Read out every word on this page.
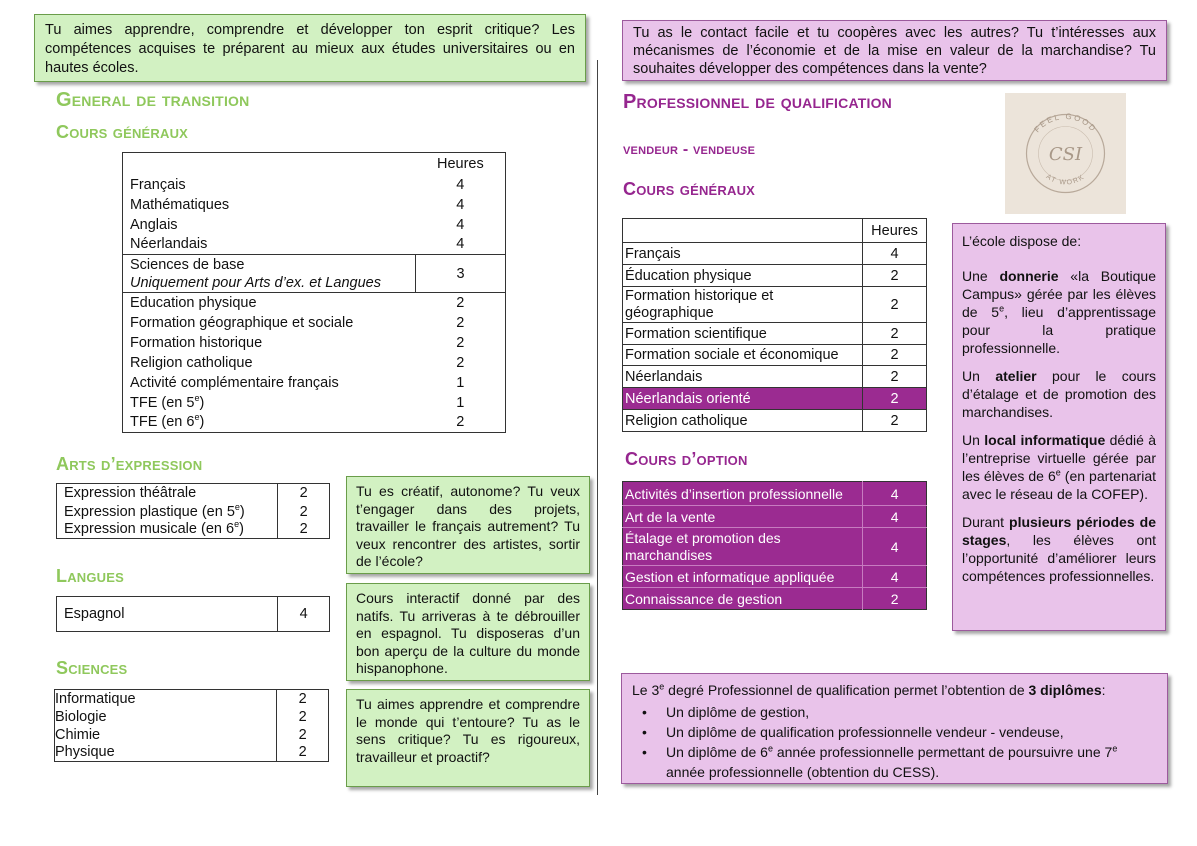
Tu aimes apprendre, comprendre et développer ton esprit critique? Les compétences acquises te préparent au mieux aux études universitaires ou en hautes écoles.
General de transition
Cours généraux
	Heures
Français	4
Mathématiques	4
Anglais	4
Néerlandais	4
Sciences de base
Uniquement pour Arts d’ex. et Langues	3
Education physique	2
Formation géographique et sociale	2
Formation historique	2
Religion catholique	2
Activité complémentaire français	1
TFE (en 5e)	1
TFE (en 6e)	2
Arts d’expression
Expression théâtrale	2
Expression plastique (en 5e)	2
Expression musicale (en 6e)	2
Tu es créatif, autonome? Tu veux t’engager dans des projets, travailler le français autrement? Tu veux rencontrer des artistes, sortir de l’école?
Langues
Espagnol	4
Cours interactif donné par des natifs. Tu arriveras à te débrouiller en espagnol. Tu disposeras d’un bon aperçu de la culture du monde hispanophone.
Sciences
Informatique	2
Biologie	2
Chimie	2
Physique	2
Tu aimes apprendre et comprendre le monde qui t’entoure? Tu as le sens critique? Tu es rigoureux, travailleur et proactif?
Tu as le contact facile et tu coopères avec les autres? Tu t’intéresses aux mécanismes de l’économie et de la mise en valeur de la marchandise? Tu souhaites développer des compétences dans la vente?
Professionnel de qualification
vendeur - vendeuse
FEEL GOOD
CSI
AT WORK
Cours généraux
	Heures
Français	4
Éducation physique	2
Formation historique et géographique	2
Formation scientifique	2
Formation sociale et économique	2
Néerlandais	2
Néerlandais orienté	2
Religion catholique	2
Cours d’option
Activités d’insertion professionnelle	4
Art de la vente	4
Étalage et promotion des marchandises	4
Gestion et informatique appliquée	4
Connaissance de gestion	2

L’école dispose de:

Une donnerie «la Boutique Campus» gérée par les élèves de 5e, lieu d’apprentissage pour la pratique professionnelle.

Un atelier pour le cours d’étalage et de promotion des marchandises.

Un local informatique dédié à l’entreprise virtuelle gérée par les élèves de 6e (en partenariat avec le réseau de la COFEP).

Durant plusieurs périodes de stages, les élèves ont l’opportunité d’améliorer leurs compétences professionnelles.

Le 3e degré Professionnel de qualification permet l’obtention de 3 diplômes:

• Un diplôme de gestion,
• Un diplôme de qualification professionnelle vendeur - vendeuse,
• Un diplôme de 6e année professionnelle permettant de poursuivre une 7e année professionnelle (obtention du CESS).
